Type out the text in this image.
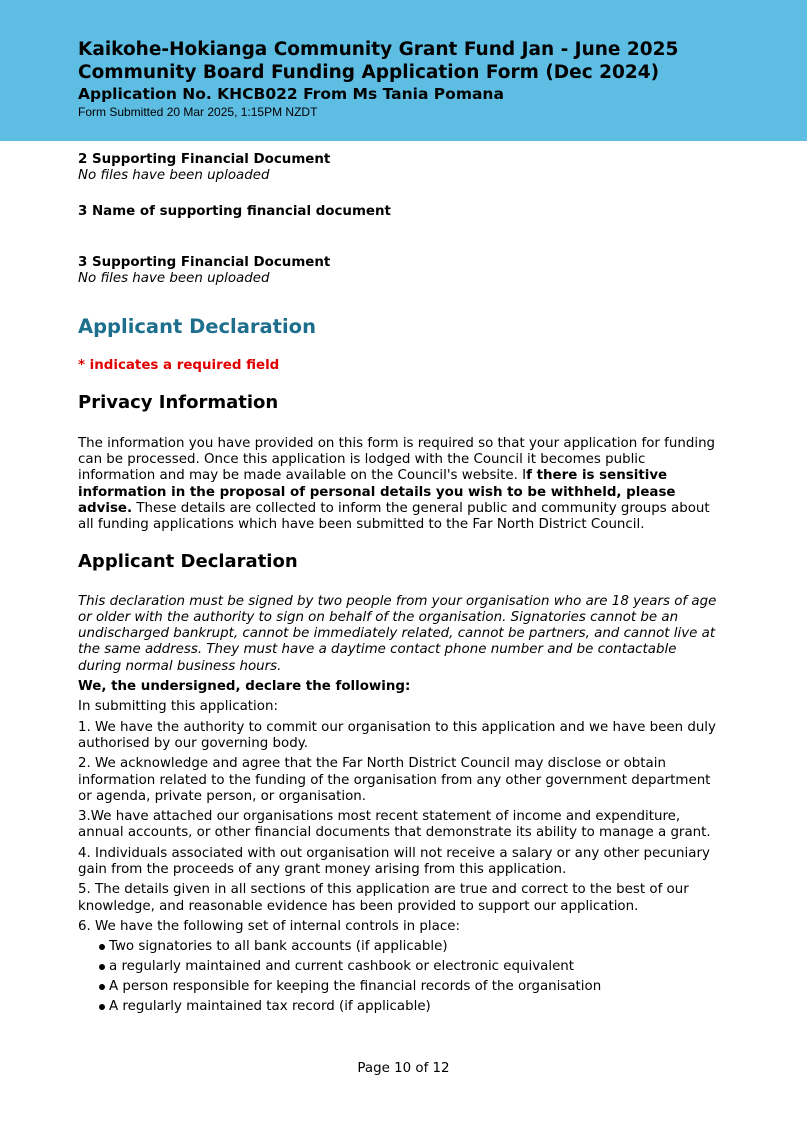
Kaikohe-Hokianga Community Grant Fund Jan - June 2025
Community Board Funding Application Form (Dec 2024)
Application No. KHCB022 From Ms Tania Pomana
Form Submitted 20 Mar 2025, 1:15PM NZDT
2 Supporting Financial Document
No files have been uploaded
3 Name of supporting financial document
3 Supporting Financial Document
No files have been uploaded
Applicant Declaration
* indicates a required field
Privacy Information
The information you have provided on this form is required so that your application for funding can be processed. Once this application is lodged with the Council it becomes public information and may be made available on the Council's website. If there is sensitive information in the proposal of personal details you wish to be withheld, please advise. These details are collected to inform the general public and community groups about all funding applications which have been submitted to the Far North District Council.
Applicant Declaration
This declaration must be signed by two people from your organisation who are 18 years of age or older with the authority to sign on behalf of the organisation. Signatories cannot be an undischarged bankrupt, cannot be immediately related, cannot be partners, and cannot live at the same address. They must have a daytime contact phone number and be contactable during normal business hours.
We, the undersigned, declare the following:
In submitting this application:
1. We have the authority to commit our organisation to this application and we have been duly authorised by our governing body.
2. We acknowledge and agree that the Far North District Council may disclose or obtain information related to the funding of the organisation from any other government department or agenda, private person, or organisation.
3.We have attached our organisations most recent statement of income and expenditure, annual accounts, or other financial documents that demonstrate its ability to manage a grant.
4. Individuals associated with out organisation will not receive a salary or any other pecuniary gain from the proceeds of any grant money arising from this application.
5. The details given in all sections of this application are true and correct to the best of our knowledge, and reasonable evidence has been provided to support our application.
6. We have the following set of internal controls in place:
Two signatories to all bank accounts (if applicable)
a regularly maintained and current cashbook or electronic equivalent
A person responsible for keeping the financial records of the organisation
A regularly maintained tax record (if applicable)
Page 10 of 12
